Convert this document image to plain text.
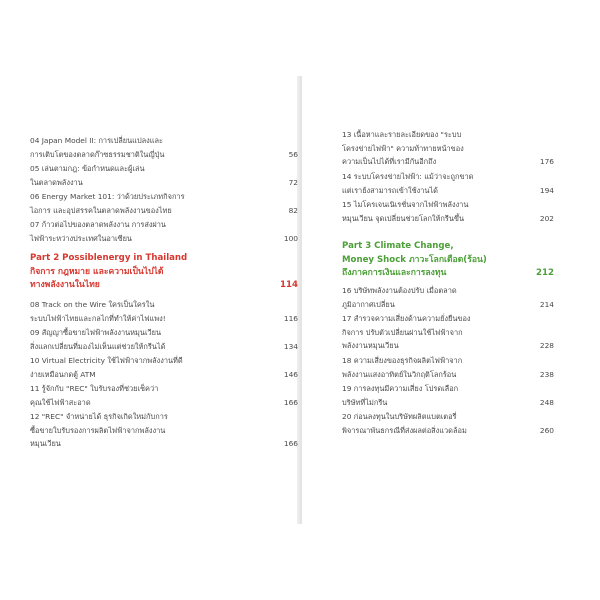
04 Japan Model II: การเปลี่ยนแปลงและ
การเติบโตของตลาดก๊าซธรรมชาติในญี่ปุ่น	56
05 เล่นตามกฎ: ข้อกำหนดและผู้เล่น
ในตลาดพลังงาน	72
06 Energy Market 101: ว่าด้วยประเภทกิจการ
ไอการ และอุปสรรคในตลาดพลังงานของไทย	82
07 ก้าวต่อไปของตลาดพลังงาน การส่งผ่าน
ไฟฟ้าระหว่างประเทศในอาเซียน	100
Part 2 Possiblenergy in Thailand
กิจการ กฎหมาย และความเป็นไปได้
ทางพลังงานในไทย	114
08 Track on the Wire ใครเป็นใครใน
ระบบไฟฟ้าไทยและกลไกที่ทำให้ค่าไฟแพง!	116
09 สัญญาซื้อขายไฟฟ้าพลังงานหมุนเวียน
สิ่งแลกเปลี่ยนที่มองไม่เห็นแต่ช่วยให้กรีนได้	134
10 Virtual Electricity ใช้ไฟฟ้าจากพลังงานที่ดี
ง่ายเหมือนกดตู้ ATM	146
11 รู้จักกับ "REC" ใบรับรองที่ช่วยเช็คว่า
คุณใช้ไฟฟ้าสะอาด	166
12 "REC" จำหน่ายได้ ธุรกิจเกิดใหม่กับการ
ซื้อขายใบรับรองการผลิตไฟฟ้าจากพลังงาน
หมุนเวียน	166
13 เนื้อหาและรายละเอียดของ "ระบบ
โครงข่ายไฟฟ้า" ความท้าทายหน้าของ
ความเป็นไปได้ที่เรามีกันอีกถึง	176
14 ระบบโครงข่ายไฟฟ้า: แม้ว่าจะถูกขาด
แต่เราย้งสามารถเข้าใช้งานได้	194
15 ไมโครเจนเนิเรชั่นจากไฟฟ้าพลังงาน
หมุนเวียน จุดเปลี่ยนช่วยโลกให้กรีนขึ้น	202
Part 3 Climate Change,
Money Shock ภาวะโลกเดือด(ร้อน)
ถึงภาคการเงินและการลงทุน	212
16 บริษัทพลังงานต้องปรับ เมื่อตลาด
ภูมิอากาศเปลี่ยน	214
17 สำรวจความเสี่ยงด้านความยั่งยืนของ
กิจการ ปรับตัวเปลี่ยนผ่านใช้ไฟฟ้าจาก
พลังงานหมุนเวียน	228
18 ความเสี่ยงของธุรกิจผลิตไฟฟ้าจาก
พลังงานแสงอาทิตย์ในวิกฤติโลกร้อน	238
19 การลงทุนมีความเสี่ยง โปรดเลือก
บริษัทที่ไม่กรีน	248
20 ก่อนลงทุนในบริษัทผลิตแบตเตอรี่
พิจารณาพันธกรณีที่ส่งผลต่อสิ่งแวดล้อม	260
